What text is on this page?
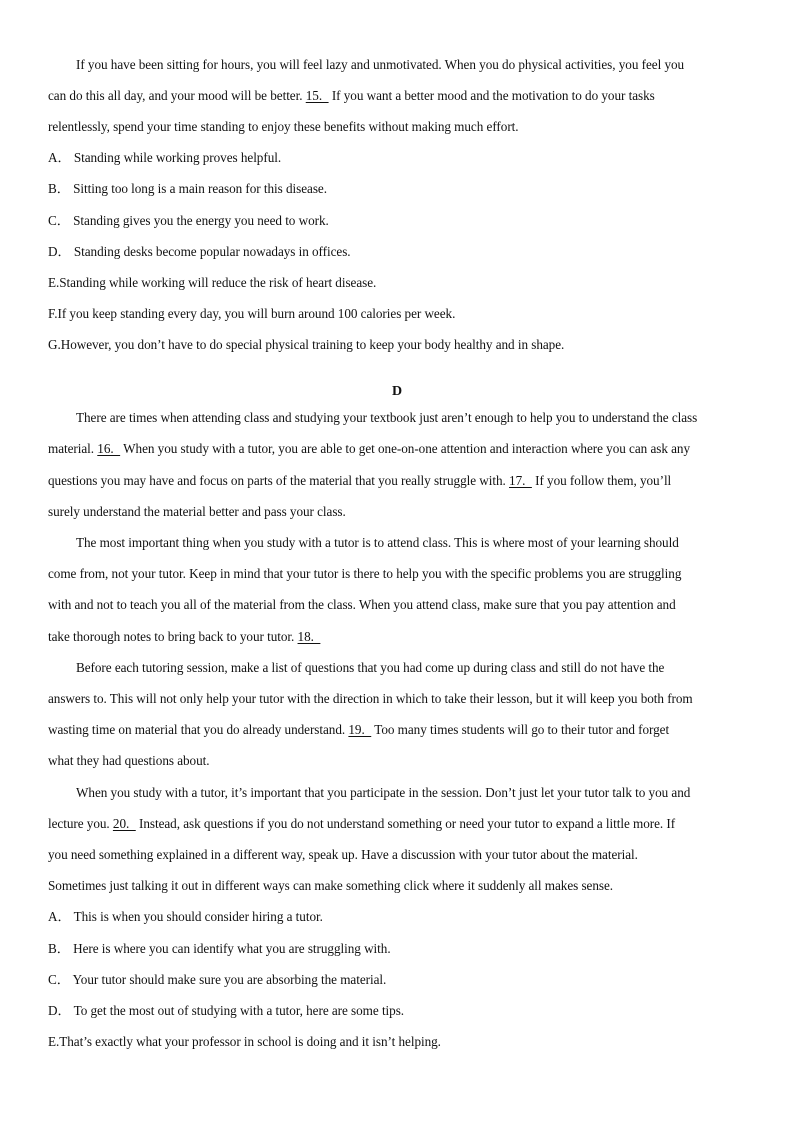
If you have been sitting for hours, you will feel lazy and unmotivated. When you do physical activities, you feel you
can do this all day, and your mood will be better. 15.   If you want a better mood and the motivation to do your tasks
relentlessly, spend your time standing to enjoy these benefits without making much effort.
A． Standing while working proves helpful.
B． Sitting too long is a main reason for this disease.
C． Standing gives you the energy you need to work.
D． Standing desks become popular nowadays in offices.
E.Standing while working will reduce the risk of heart disease.
F.If you keep standing every day, you will burn around 100 calories per week.
G.However, you don’t have to do special physical training to keep your body healthy and in shape.
D
There are times when attending class and studying your textbook just aren’t enough to help you to understand the class
material. 16.   When you study with a tutor, you are able to get one-on-one attention and interaction where you can ask any
questions you may have and focus on parts of the material that you really struggle with. 17.   If you follow them, you’ll
surely understand the material better and pass your class.
The most important thing when you study with a tutor is to attend class. This is where most of your learning should
come from, not your tutor. Keep in mind that your tutor is there to help you with the specific problems you are struggling
with and not to teach you all of the material from the class. When you attend class, make sure that you pay attention and
take thorough notes to bring back to your tutor. 18.
Before each tutoring session, make a list of questions that you had come up during class and still do not have the
answers to. This will not only help your tutor with the direction in which to take their lesson, but it will keep you both from
wasting time on material that you do already understand. 19.   Too many times students will go to their tutor and forget
what they had questions about.
When you study with a tutor, it’s important that you participate in the session. Don’t just let your tutor talk to you and
lecture you. 20.   Instead, ask questions if you do not understand something or need your tutor to expand a little more. If
you need something explained in a different way, speak up. Have a discussion with your tutor about the material.
Sometimes just talking it out in different ways can make something click where it suddenly all makes sense.
A． This is when you should consider hiring a tutor.
B． Here is where you can identify what you are struggling with.
C． Your tutor should make sure you are absorbing the material.
D． To get the most out of studying with a tutor, here are some tips.
E.That’s exactly what your professor in school is doing and it isn’t helping.
